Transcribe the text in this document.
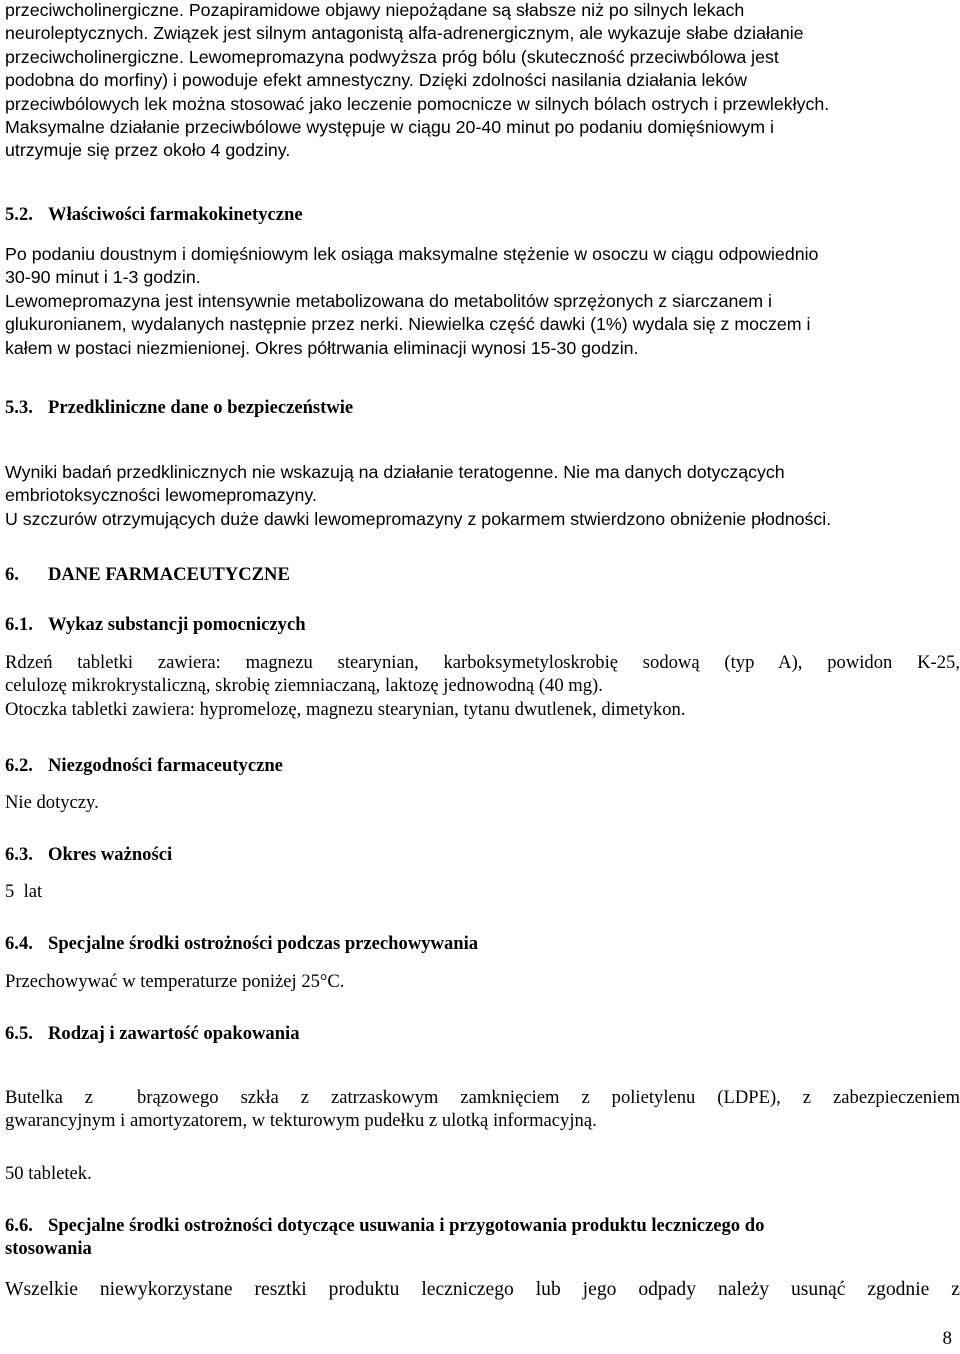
przeciwcholinergiczne. Pozapiramidowe objawy niepożądane są słabsze niż po silnych lekach

neuroleptycznych. Związek jest silnym antagonistą alfa-adrenergicznym, ale wykazuje słabe działanie

przeciwcholinergiczne. Lewomepromazyna podwyższa próg bólu (skuteczność przeciwbólowa jest

podobna do morfiny) i powoduje efekt amnestyczny. Dzięki zdolności nasilania działania leków

przeciwbólowych lek można stosować jako leczenie pomocnicze w silnych bólach ostrych i przewlekłych.

Maksymalne działanie przeciwbólowe występuje w ciągu 20-40 minut po podaniu domięśniowym i

utrzymuje się przez około 4 godziny.

5.2. Właściwości farmakokinetyczne

Po podaniu doustnym i domięśniowym lek osiąga maksymalne stężenie w osoczu w ciągu odpowiednio

30-90 minut i 1-3 godzin.

Lewomepromazyna jest intensywnie metabolizowana do metabolitów sprzężonych z siarczanem i

glukuronianem, wydalanych następnie przez nerki. Niewielka część dawki (1%) wydala się z moczem i

kałem w postaci niezmienionej. Okres półtrwania eliminacji wynosi 15-30 godzin.

5.3. Przedkliniczne dane o bezpieczeństwie

Wyniki badań przedklinicznych nie wskazują na działanie teratogenne. Nie ma danych dotyczących

embriotoksyczności lewomepromazyny.

U szczurów otrzymujących duże dawki lewomepromazyny z pokarmem stwierdzono obniżenie płodności.

6. DANE FARMACEUTYCZNE

6.1. Wykaz substancji pomocniczych

Rdzeń tabletki zawiera: magnezu stearynian, karboksymetyloskrobię sodową (typ A), powidon K-25,

celulozę mikrokrystaliczną, skrobię ziemniaczaną, laktozę jednowodną (40 mg).

Otoczka tabletki zawiera: hypromelozę, magnezu stearynian, tytanu dwutlenek, dimetykon.

6.2. Niezgodności farmaceutyczne

Nie dotyczy.

6.3. Okres ważności

5  lat

6.4. Specjalne środki ostrożności podczas przechowywania

Przechowywać w temperaturze poniżej 25°C.

6.5. Rodzaj i zawartość opakowania

Butelka z  brązowego szkła z zatrzaskowym zamknięciem z polietylenu (LDPE), z zabezpieczeniem

gwarancyjnym i amortyzatorem, w tekturowym pudełku z ulotką informacyjną.

50 tabletek.

6.6. Specjalne środki ostrożności dotyczące usuwania i przygotowania produktu leczniczego do

stosowania

Wszelkie niewykorzystane resztki produktu leczniczego lub jego odpady należy usunąć zgodnie z

8
